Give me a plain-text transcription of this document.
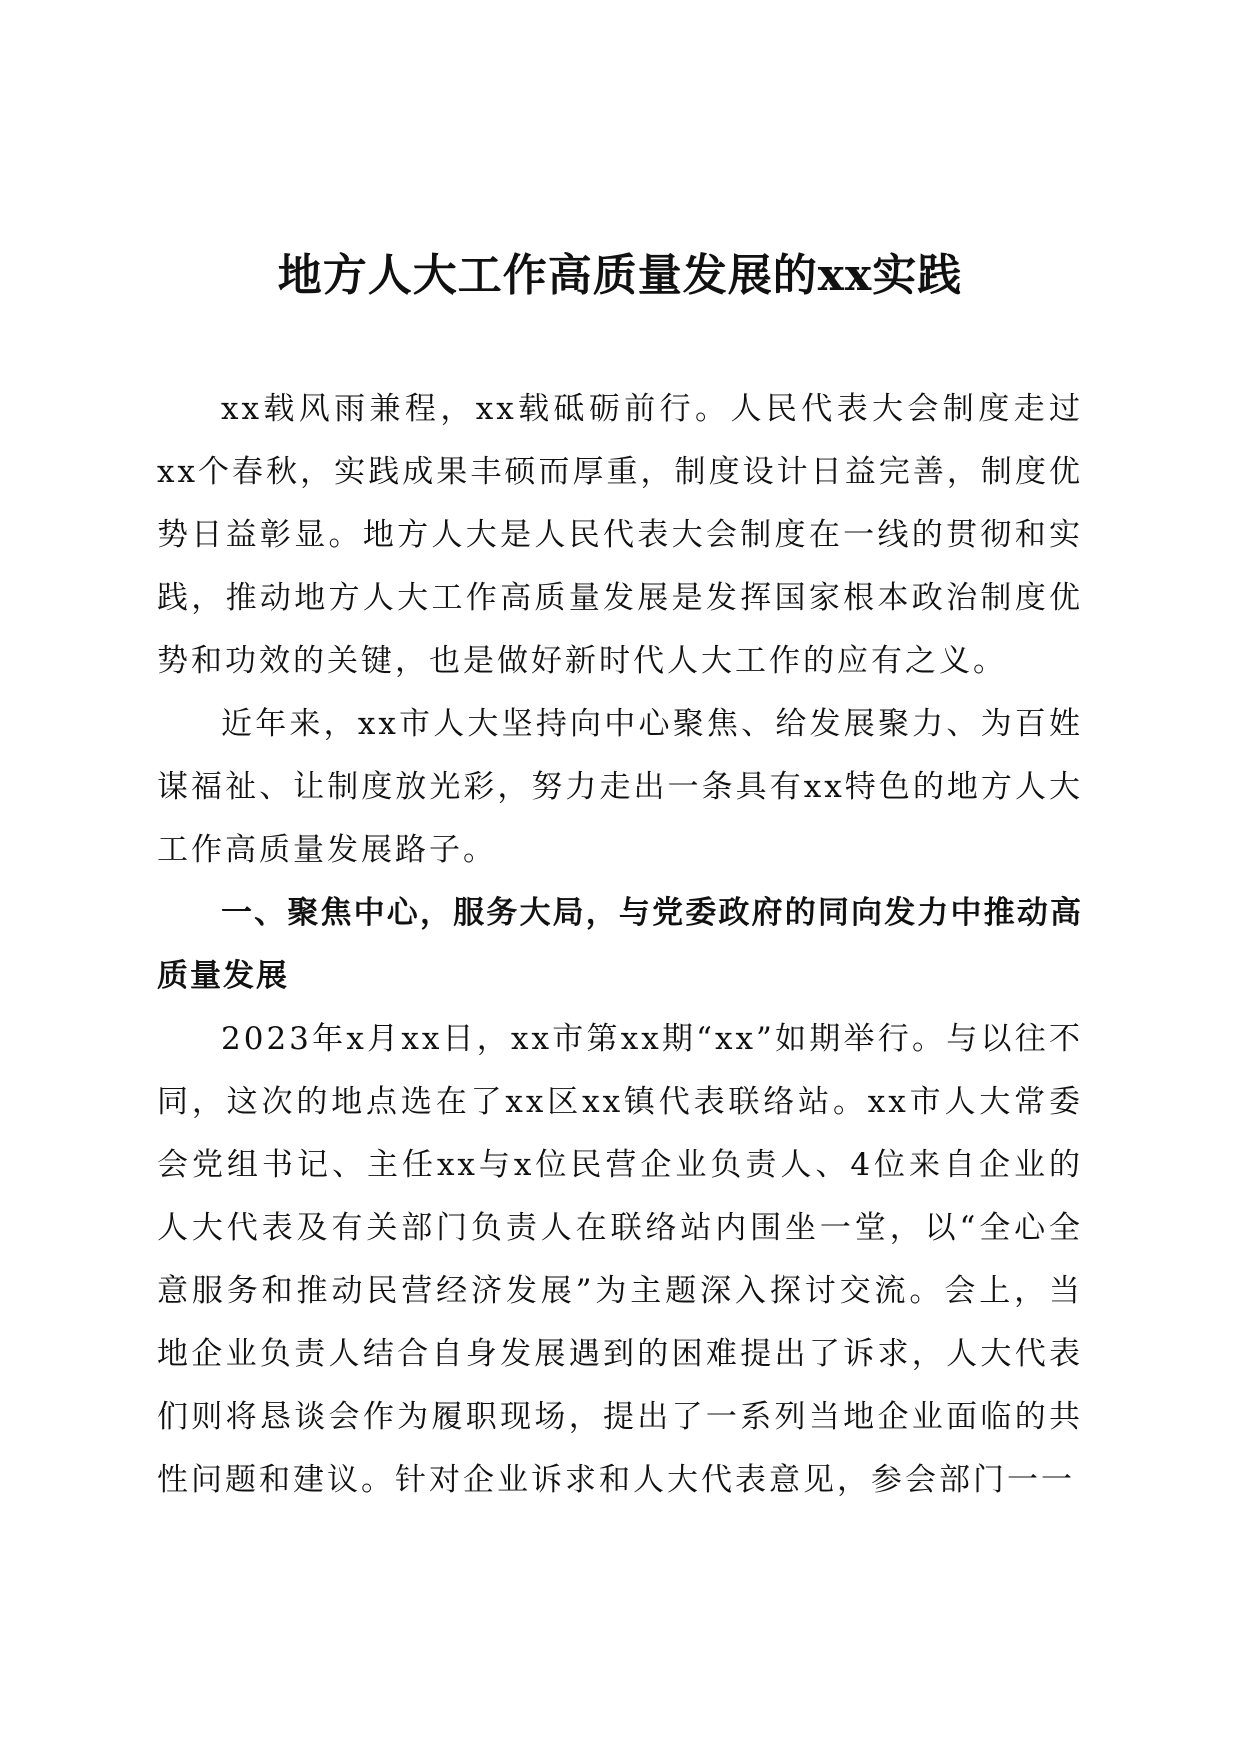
地方人大工作高质量发展的xx实践

xx载风雨兼程，xx载砥砺前行。人民代表大会制度走过xx个春秋，实践成果丰硕而厚重，制度设计日益完善，制度优势日益彰显。地方人大是人民代表大会制度在一线的贯彻和实践，推动地方人大工作高质量发展是发挥国家根本政治制度优势和功效的关键，也是做好新时代人大工作的应有之义。

近年来，xx市人大坚持向中心聚焦、给发展聚力、为百姓谋福祉、让制度放光彩，努力走出一条具有xx特色的地方人大工作高质量发展路子。

一、聚焦中心，服务大局，与党委政府的同向发力中推动高质量发展

2023年x月xx日，xx市第xx期“xx”如期举行。与以往不同，这次的地点选在了xx区xx镇代表联络站。xx市人大常委会党组书记、主任xx与x位民营企业负责人、4位来自企业的人大代表及有关部门负责人在联络站内围坐一堂，以“全心全意服务和推动民营经济发展”为主题深入探讨交流。会上，当地企业负责人结合自身发展遇到的困难提出了诉求，人大代表们则将恳谈会作为履职现场，提出了一系列当地企业面临的共性问题和建议。针对企业诉求和人大代表意见，参会部门一一
